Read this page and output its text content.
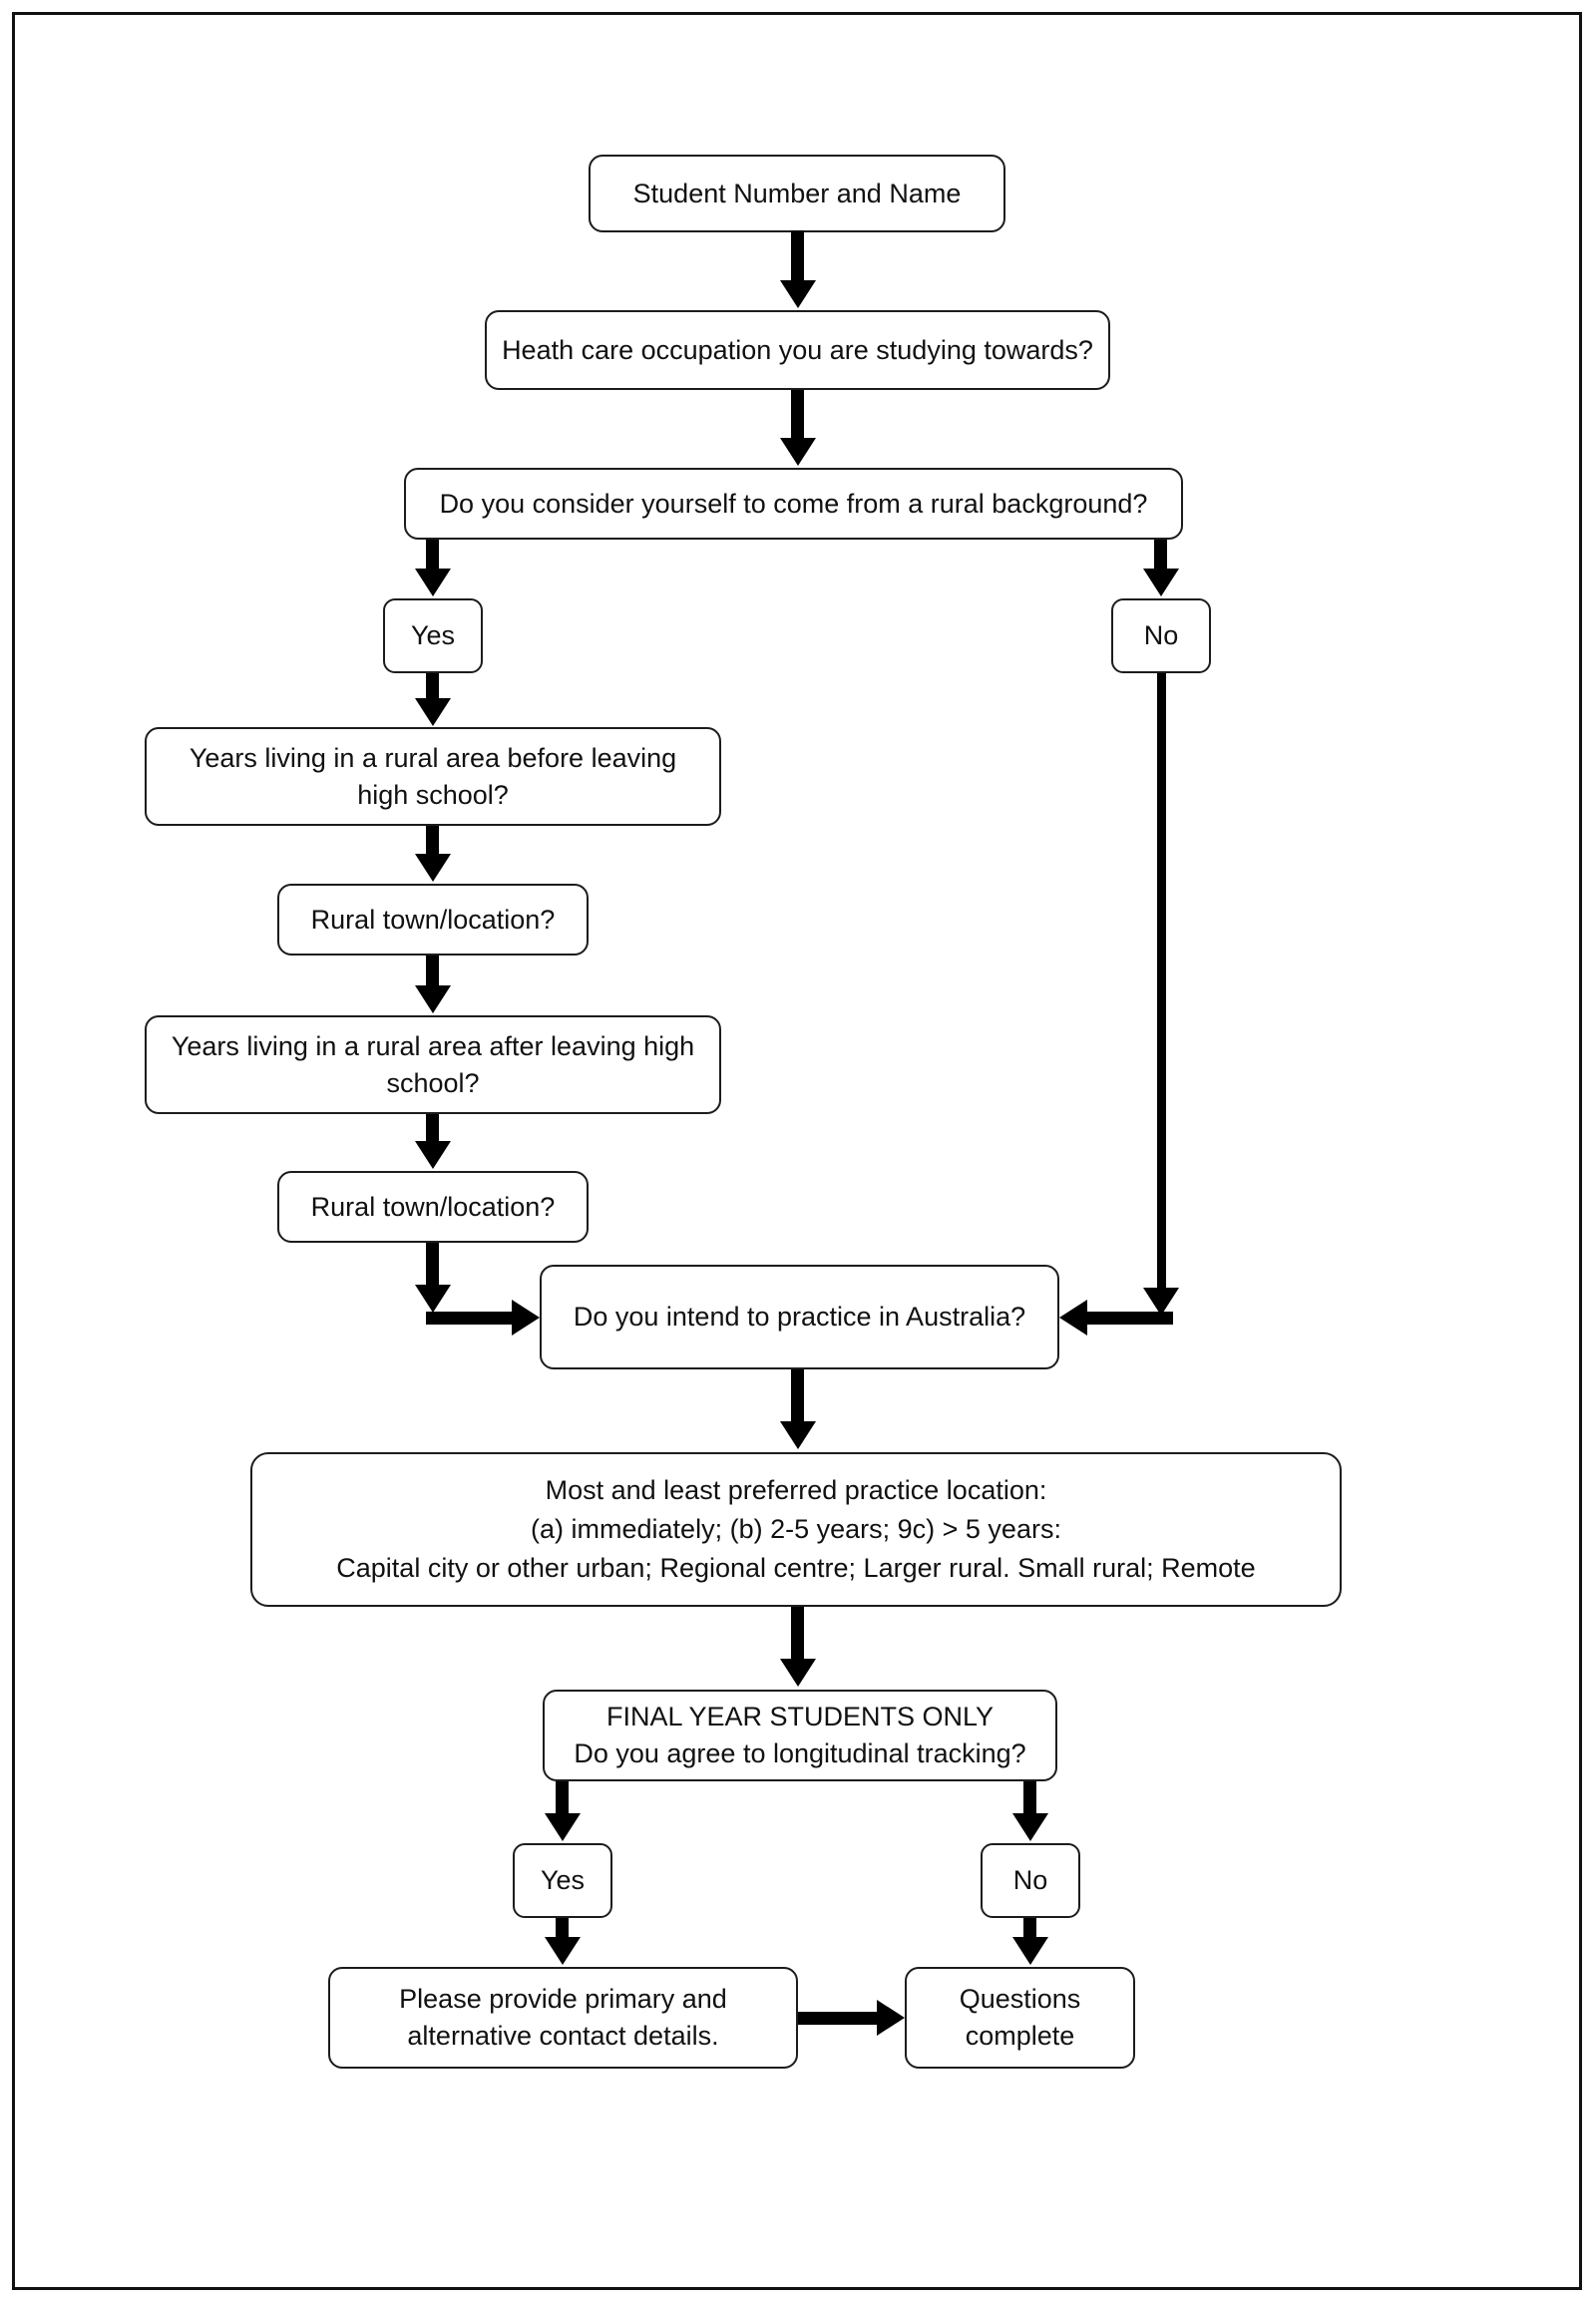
Student Number and Name
Heath care occupation you are studying towards?
Do you consider yourself to come from a rural background?
Yes	No
Years living in a rural area before leaving
high school?
Rural town/location?
Years living in a rural area after leaving high
school?
Rural town/location?
Do you intend to practice in Australia?
Most and least preferred practice location:
(a) immediately; (b) 2-5 years; 9c) > 5 years:
Capital city or other urban; Regional centre; Larger rural. Small rural; Remote
FINAL YEAR STUDENTS ONLY
Do you agree to longitudinal tracking?
Yes	No
Please provide primary and
alternative contact details.
Questions
complete
